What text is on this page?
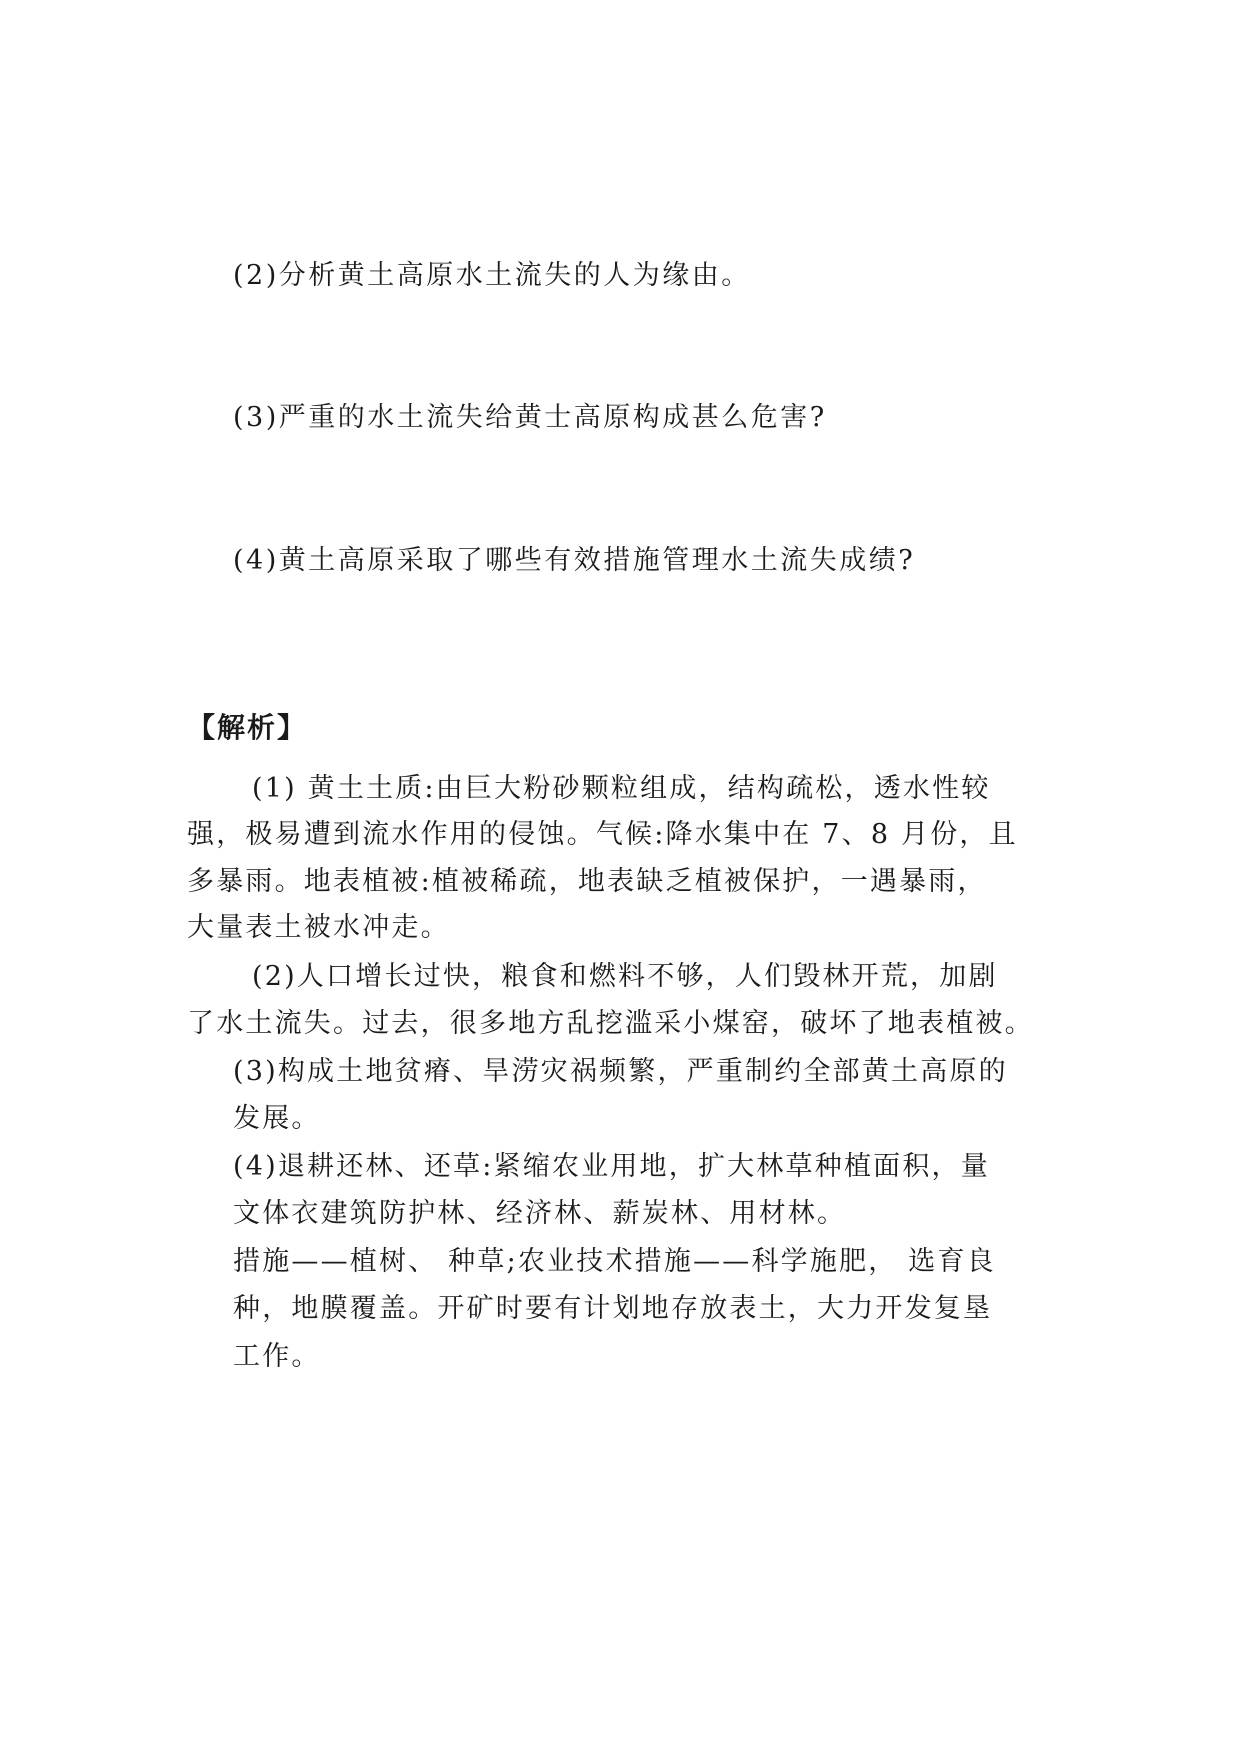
(2)分析黄土高原水土流失的人为缘由。
(3)严重的水土流失给黄士高原构成甚么危害?
(4)黄土高原采取了哪些有效措施管理水土流失成绩?
【解析】
(1) 黄土土质:由巨大粉砂颗粒组成，结构疏松，透水性较
强，极易遭到流水作用的侵蚀。气候:降水集中在 7、8 月份，且
多暴雨。地表植被:植被稀疏，地表缺乏植被保护，一遇暴雨，
大量表土被水冲走。
(2)人口增长过快，粮食和燃料不够，人们毁林开荒，加剧
了水土流失。过去，很多地方乱挖滥采小煤窑，破坏了地表植被。
(3)构成土地贫瘠、旱涝灾祸频繁，严重制约全部黄土高原的
发展。
(4)退耕还林、还草:紧缩农业用地，扩大林草种植面积，量
文体衣建筑防护林、经济林、薪炭林、用材林。
措施——植树、 种草;农业技术措施——科学施肥， 选育良
种，地膜覆盖。开矿时要有计划地存放表土，大力开发复垦
工作。
